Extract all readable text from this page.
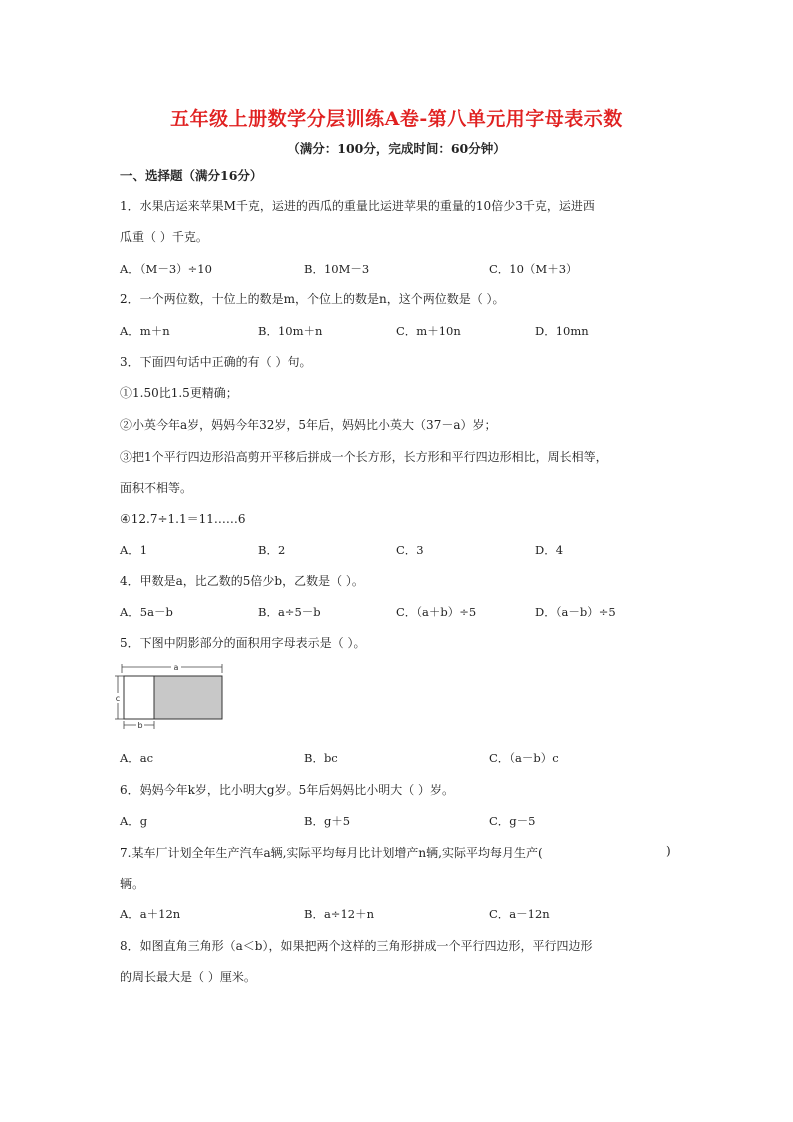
五年级上册数学分层训练A卷-第八单元用字母表示数
（满分：100分，完成时间：60分钟）
一、选择题（满分16分）
1．水果店运来苹果M千克，运进的西瓜的重量比运进苹果的重量的10倍少3千克，运进西
瓜重（ ）千克。
A．（M－3）÷10	B．10M－3	C．10（M＋3）
2．一个两位数，十位上的数是m，个位上的数是n，这个两位数是（ ）。
A．m＋n	B．10m＋n	C．m＋10n	D．10mn
3．下面四句话中正确的有（ ）句。
①1.50比1.5更精确；
②小英今年a岁，妈妈今年32岁，5年后，妈妈比小英大（37－a）岁；
③把1个平行四边形沿高剪开平移后拼成一个长方形，长方形和平行四边形相比，周长相等，
面积不相等。
④12.7÷1.1＝11……6
A．1	B．2	C．3	D．4
4．甲数是a，比乙数的5倍少b，乙数是（ ）。
A．5a－b	B．a÷5－b	C．（a＋b）÷5	D．（a－b）÷5
5．下图中阴影部分的面积用字母表示是（ ）。
a
c
b
A．ac	B．bc	C．（a－b）c
6．妈妈今年k岁，比小明大g岁。5年后妈妈比小明大（ ）岁。
A．g	B．g＋5	C．g－5
7.某车厂计划全年生产汽车a辆,实际平均每月比计划增产n辆,实际平均每月生产(	)
辆。
A．a＋12n	B．a÷12＋n	C．a－12n
8．如图直角三角形（a＜b），如果把两个这样的三角形拼成一个平行四边形，平行四边形
的周长最大是（ ）厘米。
